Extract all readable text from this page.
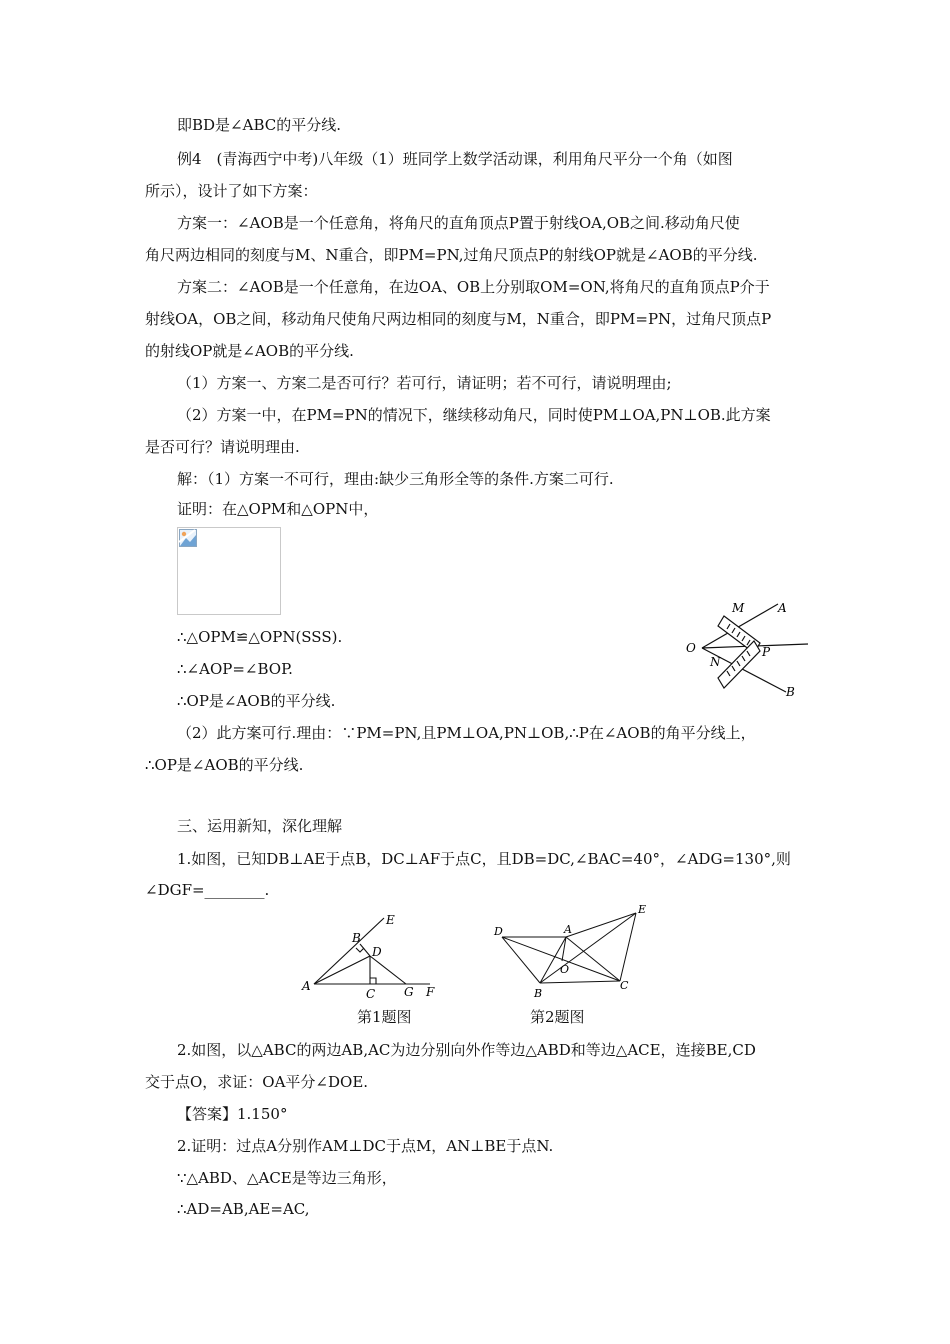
即BD是∠ABC的平分线.
例4　(青海西宁中考)八年级（1）班同学上数学活动课，利用角尺平分一个角（如图
所示），设计了如下方案：
方案一：∠AOB是一个任意角，将角尺的直角顶点P置于射线OA,OB之间.移动角尺使
角尺两边相同的刻度与M、N重合，即PM=PN,过角尺顶点P的射线OP就是∠AOB的平分线.
方案二：∠AOB是一个任意角，在边OA、OB上分别取OM=ON,将角尺的直角顶点P介于
射线OA，OB之间，移动角尺使角尺两边相同的刻度与M，N重合，即PM=PN，过角尺顶点P
的射线OP就是∠AOB的平分线.
（1）方案一、方案二是否可行？若可行，请证明；若不可行，请说明理由;
（2）方案一中，在PM=PN的情况下，继续移动角尺，同时使PM⊥OA,PN⊥OB.此方案
是否可行？请说明理由.
解：（1）方案一不可行，理由:缺少三角形全等的条件.方案二可行.
证明：在△OPM和△OPN中，
∴△OPM≌△OPN(SSS).
∴∠AOP=∠BOP.
∴OP是∠AOB的平分线.
（2）此方案可行.理由：∵PM=PN,且PM⊥OA,PN⊥OB,∴P在∠AOB的角平分线上，
∴OP是∠AOB的平分线.
三、运用新知，深化理解
1.如图，已知DB⊥AE于点B，DC⊥AF于点C，且DB=DC,∠BAC=40°，∠ADG=130°,则
∠DGF=________.
M	A
O	P
N
B
E
B
D
A
C G F
D	A
E
O
B
C
第1题图	第2题图
2.如图，以△ABC的两边AB,AC为边分别向外作等边△ABD和等边△ACE，连接BE,CD
交于点O，求证：OA平分∠DOE.
【答案】1.150°
2.证明：过点A分别作AM⊥DC于点M，AN⊥BE于点N.
∵△ABD、△ACE是等边三角形，
∴AD=AB,AE=AC,
